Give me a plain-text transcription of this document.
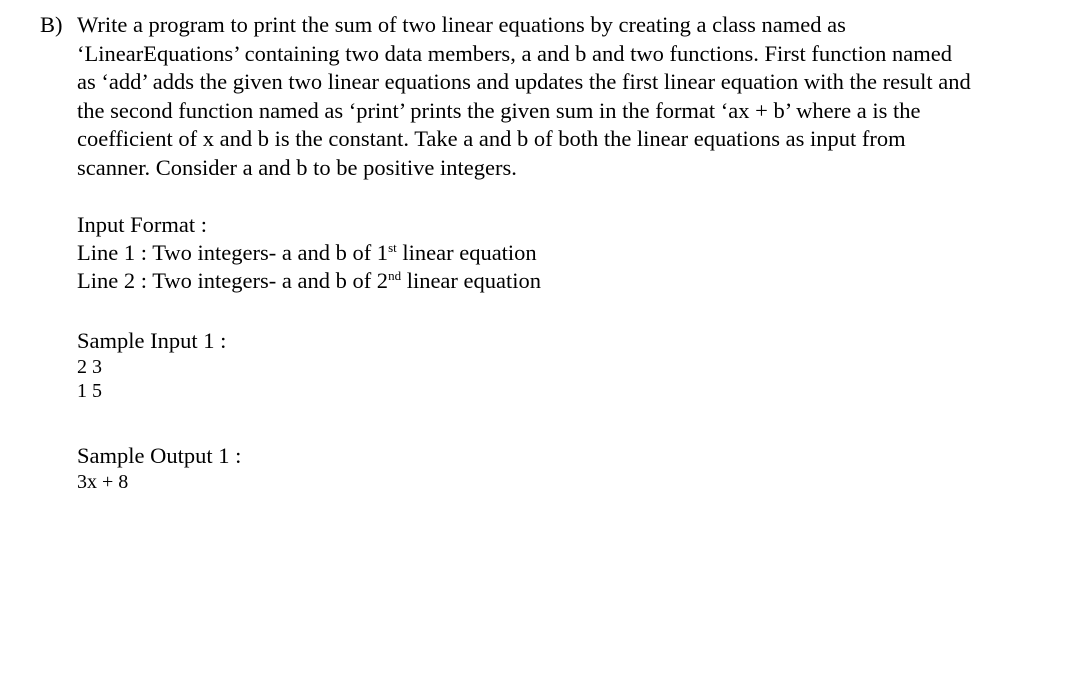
B) Write a program to print the sum of two linear equations by creating a class named as
‘LinearEquations’ containing two data members, a and b and two functions. First function named
as ‘add’ adds the given two linear equations and updates the first linear equation with the result and
the second function named as ‘print’ prints the given sum in the format ‘ax + b’ where a is the
coefficient of x and b is the constant. Take a and b of both the linear equations as input from
scanner. Consider a and b to be positive integers.
Input Format :
Line 1 : Two integers- a and b of 1st linear equation
Line 2 : Two integers- a and b of 2nd linear equation
Sample Input 1 :
2 3
1 5
Sample Output 1 :
3x + 8
